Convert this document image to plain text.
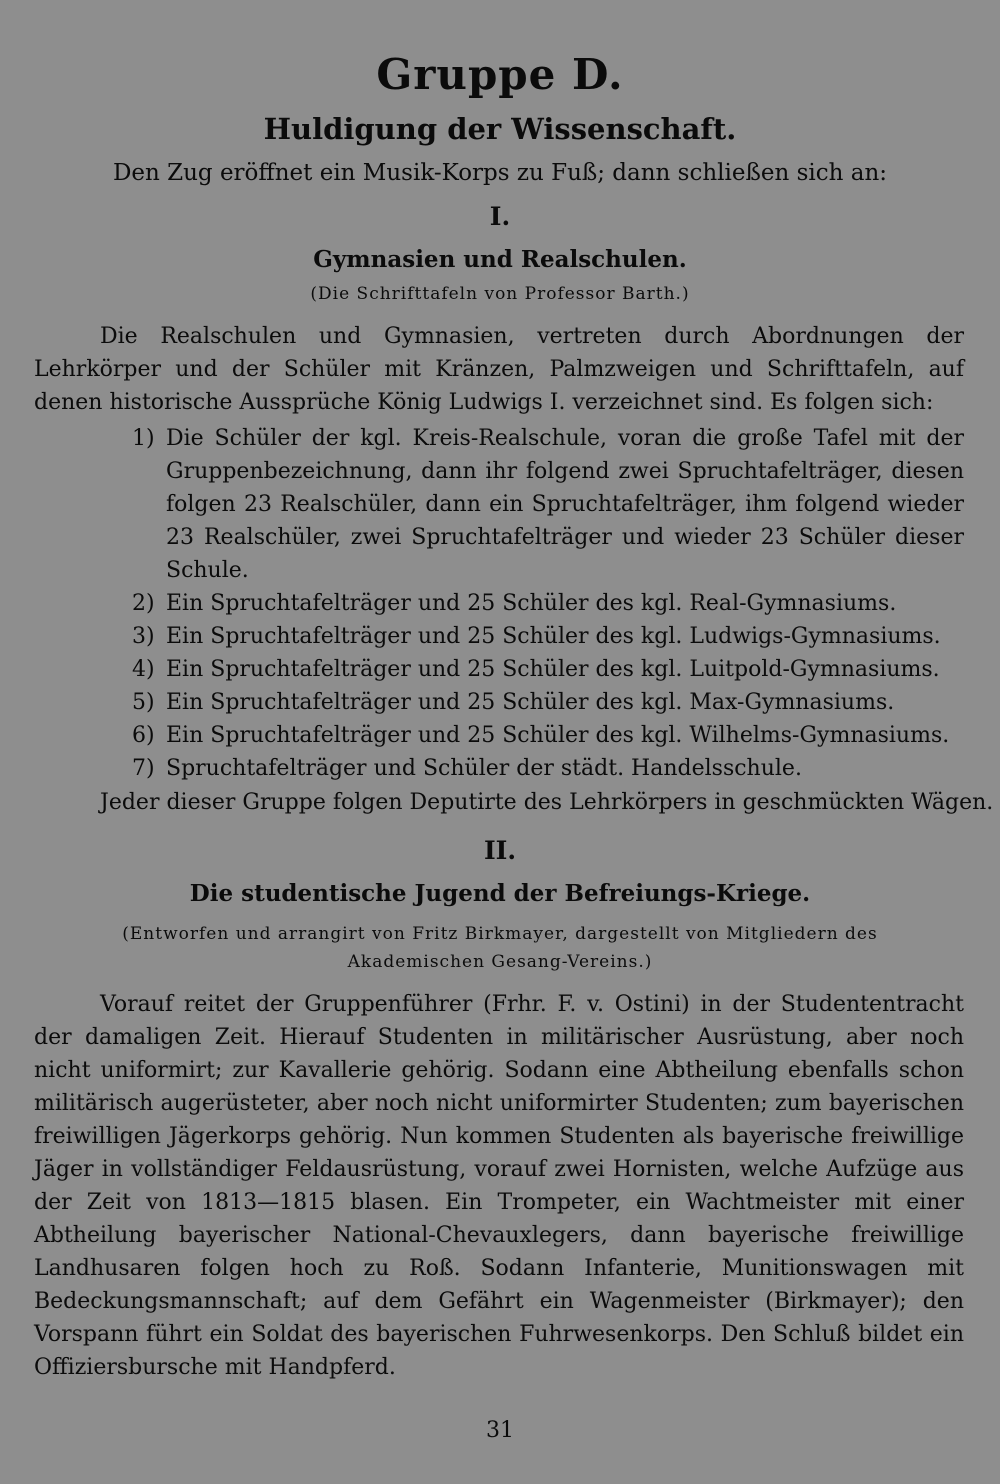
Gruppe D.
Huldigung der Wissenschaft.
Den Zug eröffnet ein Musik-Korps zu Fuß; dann schließen sich an:
I.
Gymnasien und Realschulen.
(Die Schrifttafeln von Professor Barth.)
Die Realschulen und Gymnasien, vertreten durch Abordnungen der Lehrkörper und der Schüler mit Kränzen, Palmzweigen und Schrifttafeln, auf denen historische Aussprüche König Ludwigs I. verzeichnet sind. Es folgen sich:
1) Die Schüler der kgl. Kreis-Realschule, voran die große Tafel mit der Gruppenbezeichnung, dann ihr folgend zwei Spruchtafelträger, diesen folgen 23 Realschüler, dann ein Spruchtafelträger, ihm folgend wieder 23 Realschüler, zwei Spruchtafelträger und wieder 23 Schüler dieser Schule.
2) Ein Spruchtafelträger und 25 Schüler des kgl. Real-Gymnasiums.
3) Ein Spruchtafelträger und 25 Schüler des kgl. Ludwigs-Gymnasiums.
4) Ein Spruchtafelträger und 25 Schüler des kgl. Luitpold-Gymnasiums.
5) Ein Spruchtafelträger und 25 Schüler des kgl. Max-Gymnasiums.
6) Ein Spruchtafelträger und 25 Schüler des kgl. Wilhelms-Gymnasiums.
7) Spruchtafelträger und Schüler der städt. Handelsschule.
Jeder dieser Gruppe folgen Deputirte des Lehrkörpers in geschmückten Wägen.
II.
Die studentische Jugend der Befreiungs-Kriege.
(Entworfen und arrangirt von Fritz Birkmayer, dargestellt von Mitgliedern des
Akademischen Gesang-Vereins.)
Vorauf reitet der Gruppenführer (Frhr. F. v. Ostini) in der Studententracht der damaligen Zeit. Hierauf Studenten in militärischer Ausrüstung, aber noch nicht uniformirt; zur Kavallerie gehörig. Sodann eine Abtheilung ebenfalls schon militärisch augerüsteter, aber noch nicht uniformirter Studenten; zum bayerischen freiwilligen Jägerkorps gehörig. Nun kommen Studenten als bayerische freiwillige Jäger in vollständiger Feldausrüstung, vorauf zwei Hornisten, welche Aufzüge aus der Zeit von 1813—1815 blasen. Ein Trompeter, ein Wachtmeister mit einer Abtheilung bayerischer National-Chevauxlegers, dann bayerische freiwillige Landhusaren folgen hoch zu Roß. Sodann Infanterie, Munitionswagen mit Bedeckungsmannschaft; auf dem Gefährt ein Wagenmeister (Birkmayer); den Vorspann führt ein Soldat des bayerischen Fuhrwesenkorps. Den Schluß bildet ein Offiziersbursche mit Handpferd.
31
